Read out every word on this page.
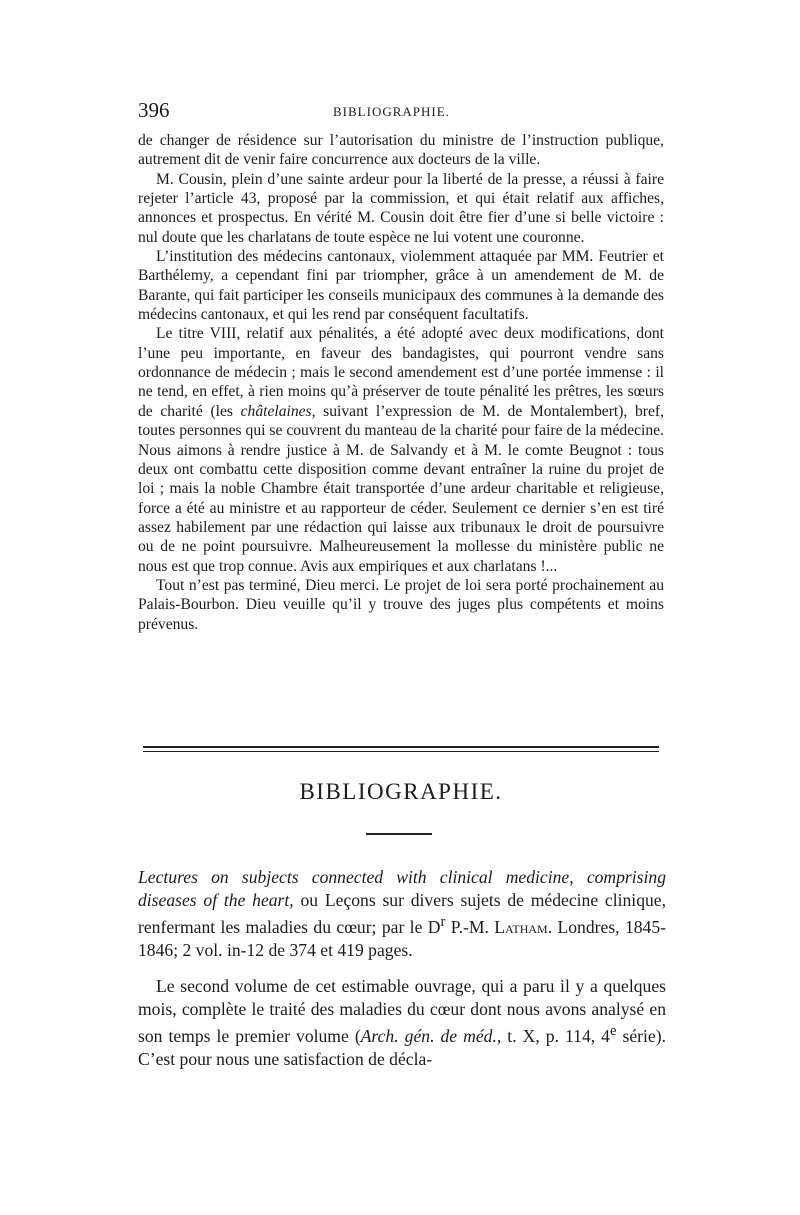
396	BIBLIOGRAPHIE.

de changer de résidence sur l’autorisation du ministre de l’instruction publique, autrement dit de venir faire concurrence aux docteurs de la ville.

M. Cousin, plein d’une sainte ardeur pour la liberté de la presse, a réussi à faire rejeter l’article 43, proposé par la commission, et qui était relatif aux affiches, annonces et prospectus. En vérité M. Cousin doit être fier d’une si belle victoire : nul doute que les charlatans de toute espèce ne lui votent une couronne.

L’institution des médecins cantonaux, violemment attaquée par MM. Feutrier et Barthélemy, a cependant fini par triompher, grâce à un amendement de M. de Barante, qui fait participer les conseils municipaux des communes à la demande des médecins cantonaux, et qui les rend par conséquent facultatifs.

Le titre VIII, relatif aux pénalités, a été adopté avec deux modifications, dont l’une peu importante, en faveur des bandagistes, qui pourront vendre sans ordonnance de médecin ; mais le second amendement est d’une portée immense : il ne tend, en effet, à rien moins qu’à préserver de toute pénalité les prêtres, les sœurs de charité (les châtelaines, suivant l’expression de M. de Montalembert), bref, toutes personnes qui se couvrent du manteau de la charité pour faire de la médecine. Nous aimons à rendre justice à M. de Salvandy et à M. le comte Beugnot : tous deux ont combattu cette disposition comme devant entraîner la ruine du projet de loi ; mais la noble Chambre était transportée d’une ardeur charitable et religieuse, force a été au ministre et au rapporteur de céder. Seulement ce dernier s’en est tiré assez habilement par une rédaction qui laisse aux tribunaux le droit de poursuivre ou de ne point poursuivre. Malheureusement la mollesse du ministère public ne nous est que trop connue. Avis aux empiriques et aux charlatans !...

Tout n’est pas terminé, Dieu merci. Le projet de loi sera porté prochainement au Palais-Bourbon. Dieu veuille qu’il y trouve des juges plus compétents et moins prévenus.

BIBLIOGRAPHIE.

Lectures on subjects connected with clinical medicine, comprising diseases of the heart, ou Leçons sur divers sujets de médecine clinique, renfermant les maladies du cœur; par le $D^r$ P.-M. Latham. Londres, 1845-1846; 2 vol. in-12 de 374 et 419 pages.

Le second volume de cet estimable ouvrage, qui a paru il y a quelques mois, complète le traité des maladies du cœur dont nous avons analysé en son temps le premier volume (Arch. gén. de méd., t. X, p. 114, 4e série). C’est pour nous une satisfaction de décla-
